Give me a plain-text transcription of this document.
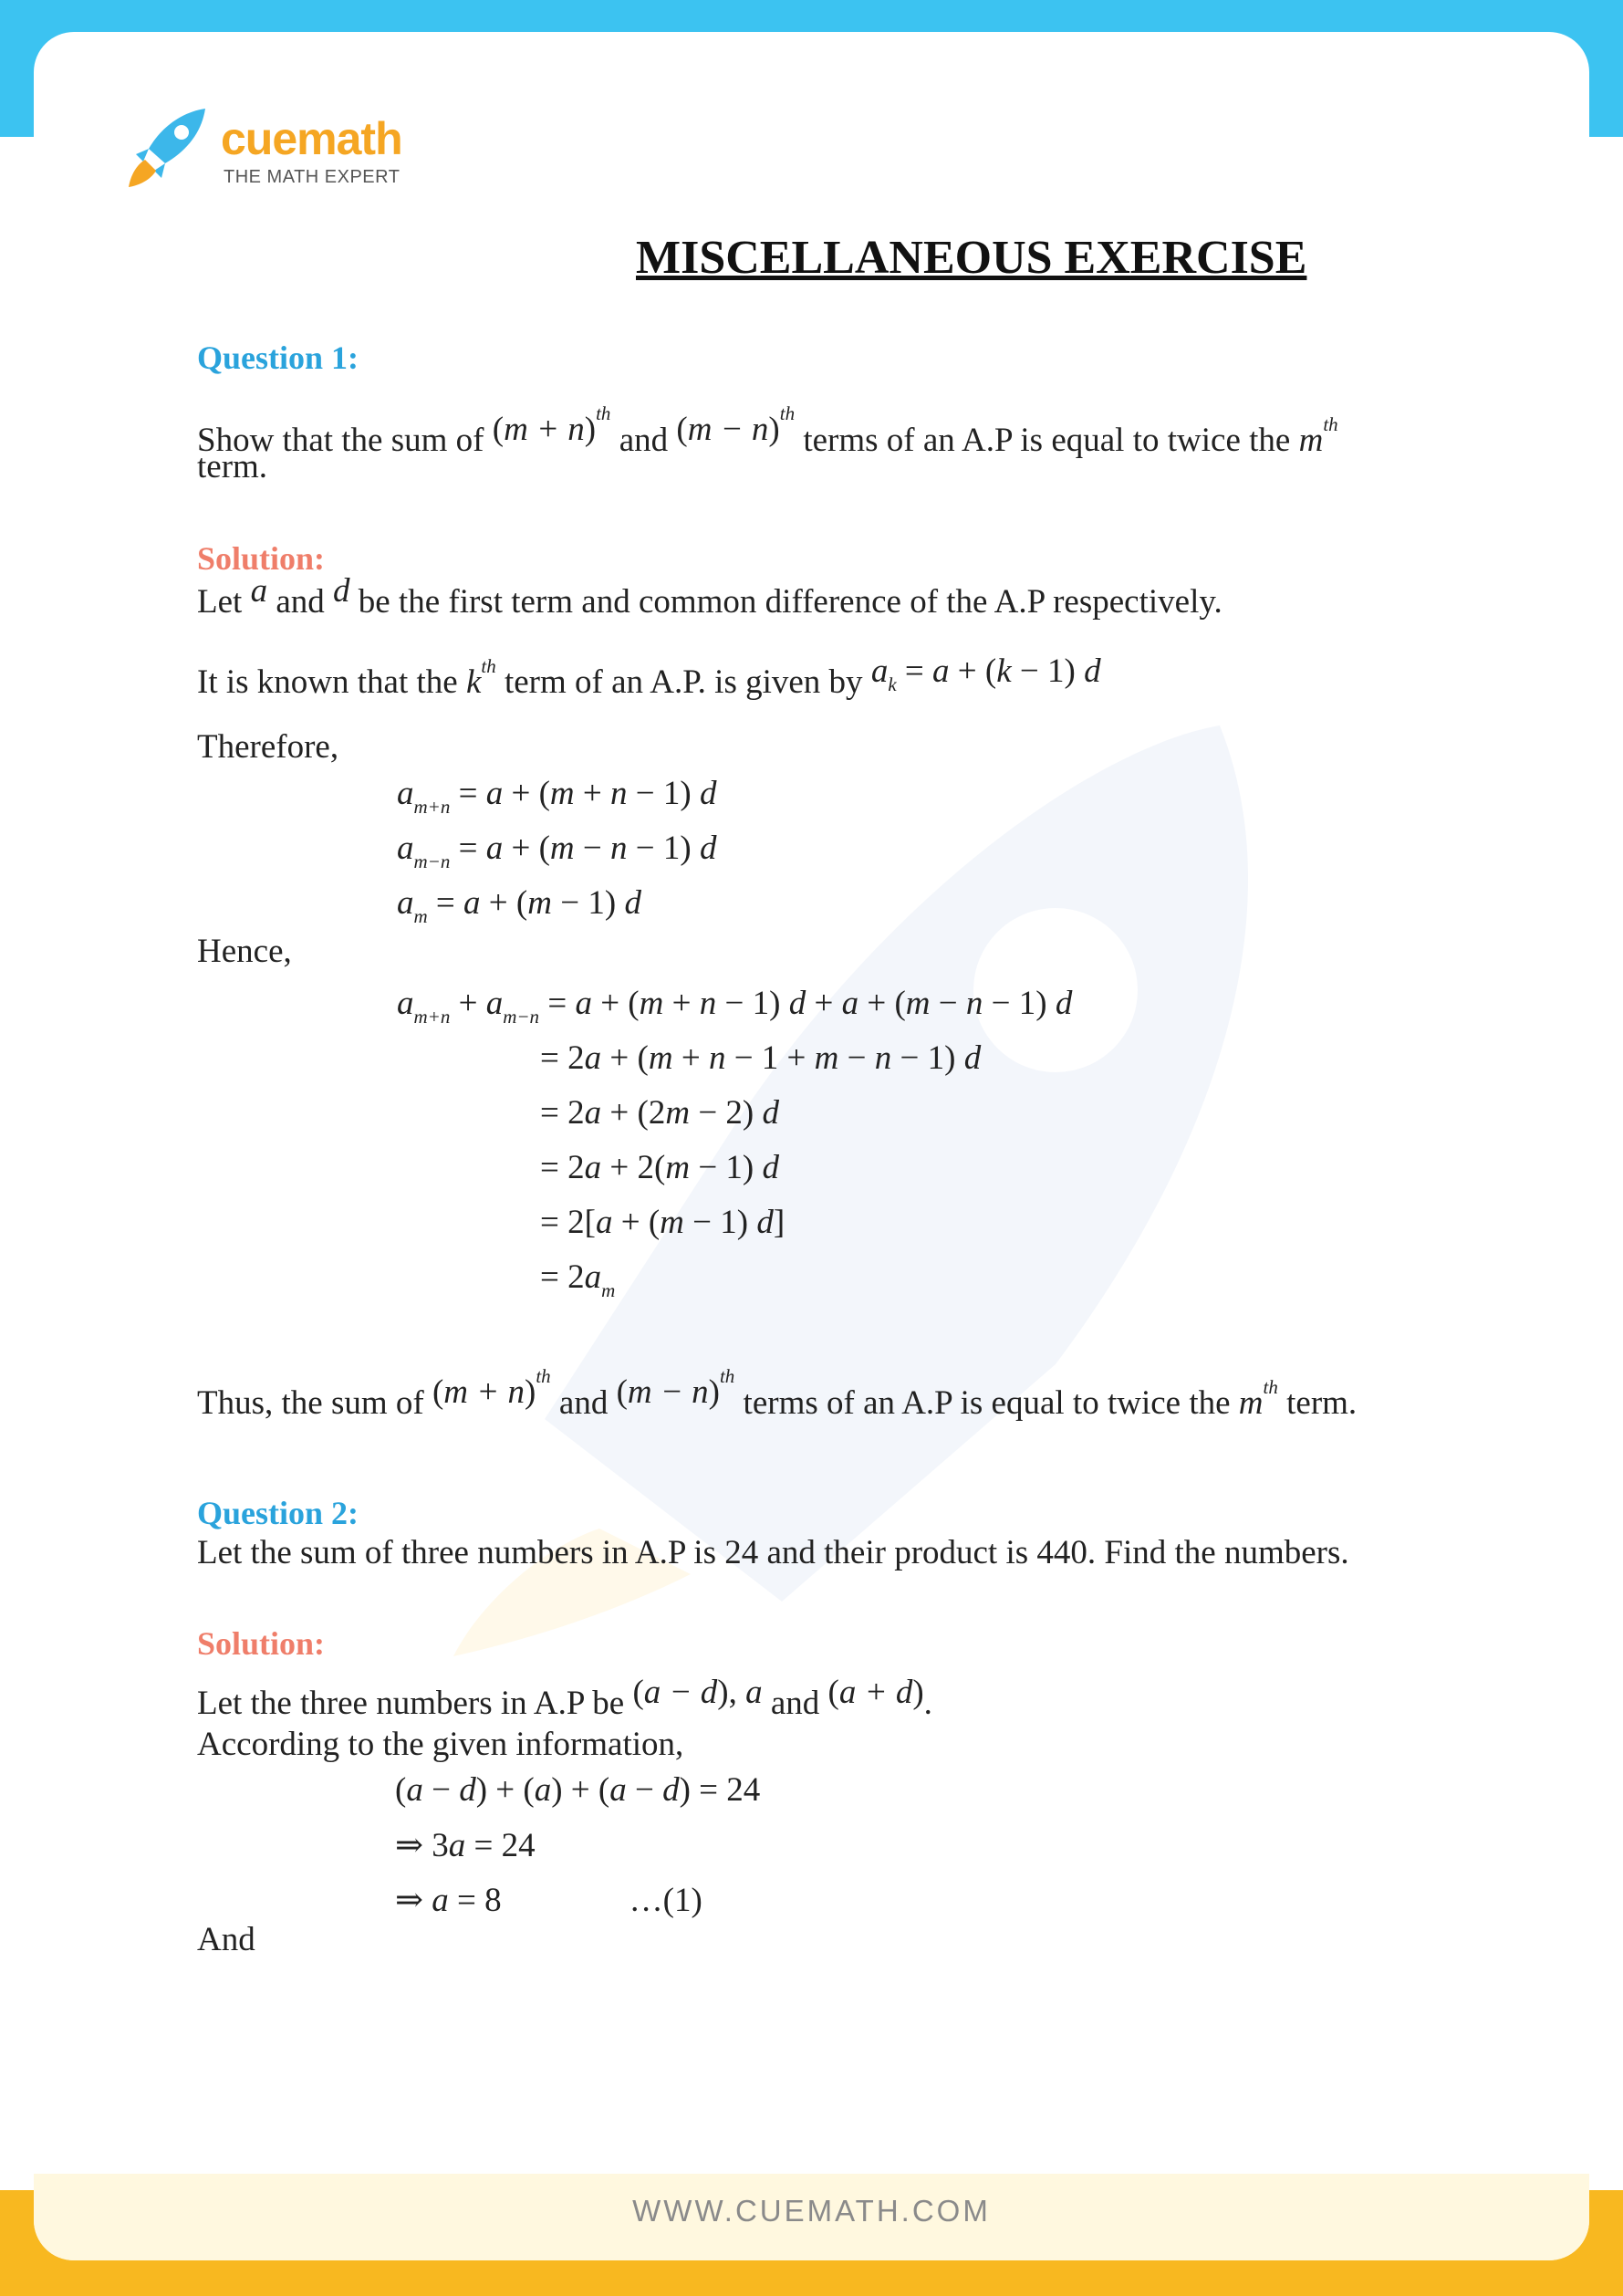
cuemath
THE MATH EXPERT
MISCELLANEOUS EXERCISE
Question 1:
Show that the sum of $(m + n)^{th}$ and $(m - n)^{th}$ terms of an A.P is equal to twice the $m^{th}$
term.
Solution:
Let a and d be the first term and common difference of the A.P respectively.
It is known that the $k^{th}$ term of an A.P. is given by $a_k = a + (k - 1)$ d
Therefore,
$a_{m+n} = a + (m + n - 1)$ d
$a_{m-n} = a + (m - n - 1)$ d
$a_m = a + (m - 1)$ d
Hence,
$a_{m+n} + a_{m-n} = a + (m + n - 1) d + a + (m - n - 1)$ d
= 2a + (m + n − 1 + m − n − 1) d
= 2a + (2m − 2) d
= 2a + 2(m − 1) d
= 2[a + (m − 1) d]
= $2a_m$
Thus, the sum of $(m + n)^{th}$ and $(m - n)^{th}$ terms of an A.P is equal to twice the $m^{th}$ term.
Question 2:
Let the sum of three numbers in A.P is 24 and their product is 440. Find the numbers.
Solution:
Let the three numbers in A.P be (a − d), a and (a + d).
According to the given information,
(a − d) + (a) + (a − d) = 24
⇒ 3a = 24
⇒ a = 8	…(1)
And
WWW.CUEMATH.COM
